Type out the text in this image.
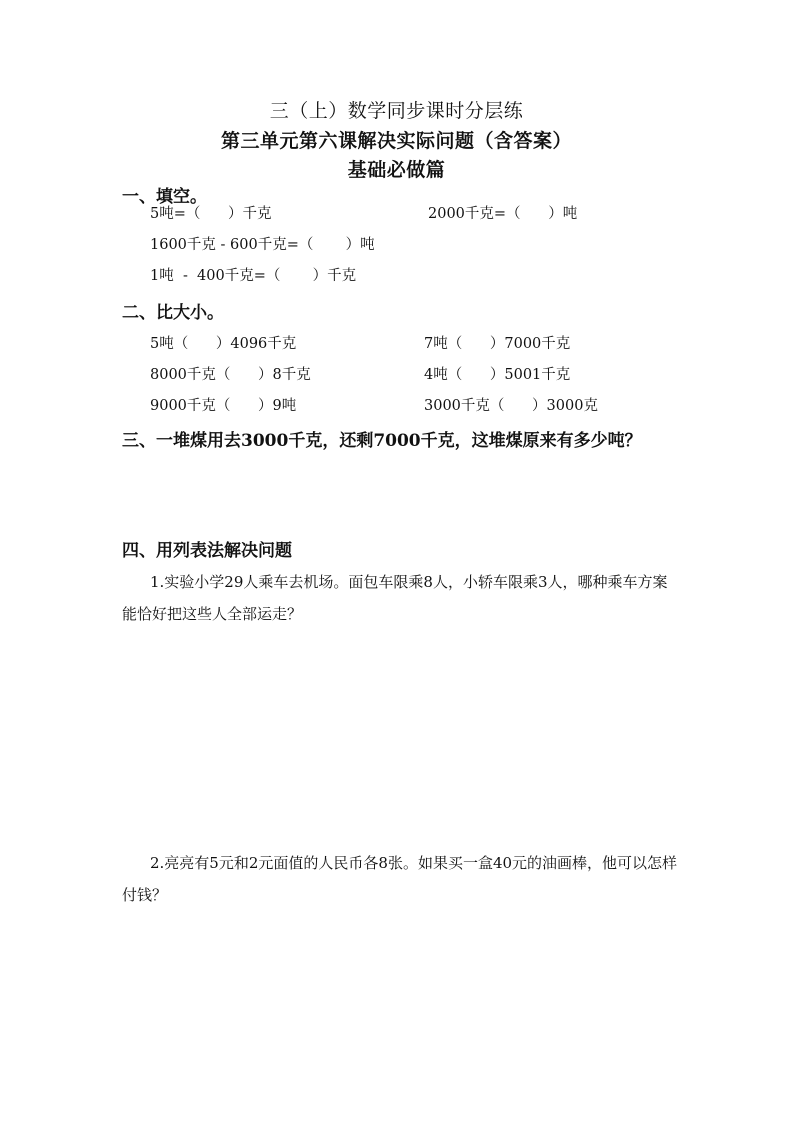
三（上）数学同步课时分层练
第三单元第六课解决实际问题（含答案）
基础必做篇
一、填空。
5吨=（      ）千克	2000千克=（      ）吨
1600千克 - 600千克=（       ）吨
1吨  -  400千克=（       ）千克
二、比大小。
5吨（      ）4096千克	7吨（      ）7000千克
8000千克（      ）8千克	4吨（      ）5001千克
9000千克（      ）9吨	3000千克（      ）3000克
三、一堆煤用去3000千克，还剩7000千克，这堆煤原来有多少吨？
四、用列表法解决问题
1.实验小学29人乘车去机场。面包车限乘8人，小轿车限乘3人，哪种乘车方案能恰好把这些人全部运走？
2.亮亮有5元和2元面值的人民币各8张。如果买一盒40元的油画棒，他可以怎样付钱？
